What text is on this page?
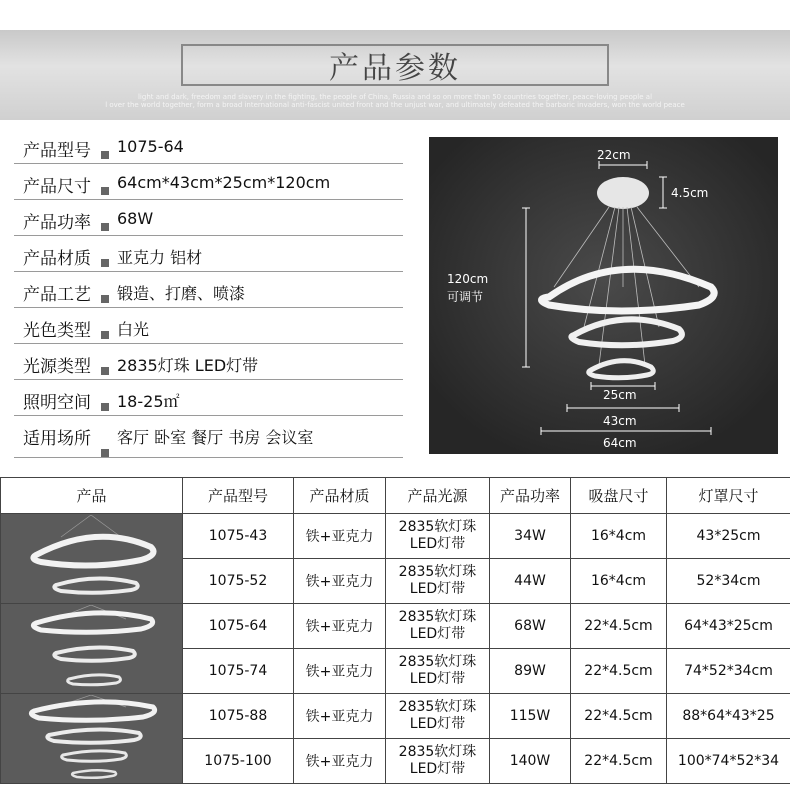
产品参数
light and dark, freedom and slavery in the fighting, the people of China, Russia and so on more than 50 countries together, peace-loving people al
l over the world together, form a broad international anti-fascist united front and the unjust war, and ultimately defeated the barbaric invaders, won the world peace
产品型号 1075-64
产品尺寸 64cm*43cm*25cm*120cm
产品功率 68W
产品材质 亚克力 铝材
产品工艺 锻造、打磨、喷漆
光色类型 白光
光源类型 2835灯珠 LED灯带
照明空间 18-25㎡
适用场所 客厅 卧室 餐厅 书房 会议室
22cm
4.5cm
120cm
可调节
25cm
43cm
64cm
产品	产品型号	产品材质	产品光源	产品功率	吸盘尺寸	灯罩尺寸

	1075-43	铁+亚克力	2835软灯珠
LED灯带	34W	16*4cm	43*25cm
	1075-52	铁+亚克力	2835软灯珠
LED灯带	44W	16*4cm	52*34cm

	1075-64	铁+亚克力	2835软灯珠
LED灯带	68W	22*4.5cm	64*43*25cm
	1075-74	铁+亚克力	2835软灯珠
LED灯带	89W	22*4.5cm	74*52*34cm

	1075-88	铁+亚克力	2835软灯珠
LED灯带	115W	22*4.5cm	88*64*43*25
	1075-100	铁+亚克力	2835软灯珠
LED灯带	140W	22*4.5cm	100*74*52*34
